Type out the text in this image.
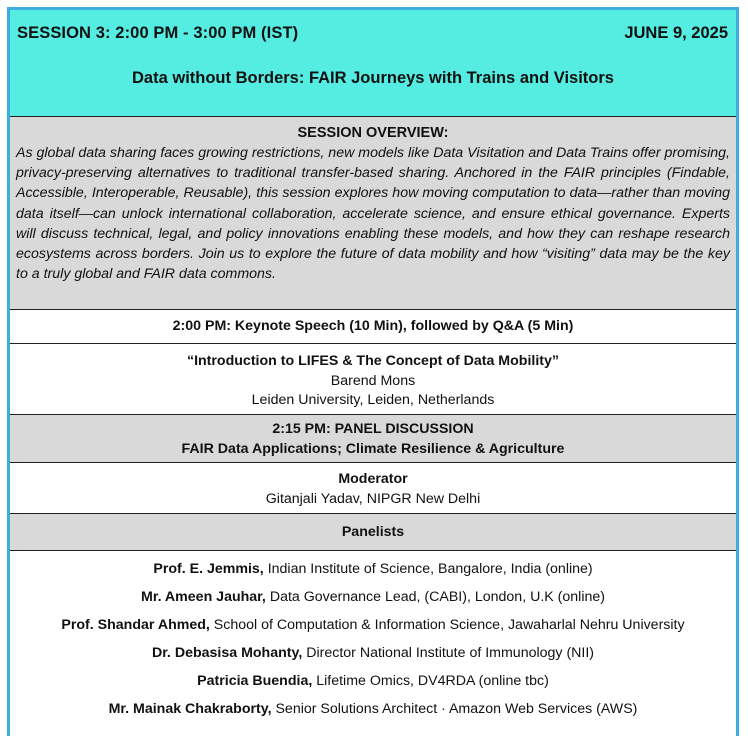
SESSION 3: 2:00 PM - 3:00 PM (IST)	JUNE 9, 2025
Data without Borders: FAIR Journeys with Trains and Visitors
SESSION OVERVIEW:
As global data sharing faces growing restrictions, new models like Data Visitation and Data Trains offer promising, privacy-preserving alternatives to traditional transfer-based sharing. Anchored in the FAIR principles (Findable, Accessible, Interoperable, Reusable), this session explores how moving computation to data—rather than moving data itself—can unlock international collaboration, accelerate science, and ensure ethical governance. Experts will discuss technical, legal, and policy innovations enabling these models, and how they can reshape research ecosystems across borders. Join us to explore the future of data mobility and how “visiting” data may be the key to a truly global and FAIR data commons.
2:00 PM: Keynote Speech (10 Min), followed by Q&A (5 Min)
“Introduction to LIFES & The Concept of Data Mobility”
Barend Mons
Leiden University, Leiden, Netherlands
2:15 PM: PANEL DISCUSSION
FAIR Data Applications; Climate Resilience & Agriculture
Moderator
Gitanjali Yadav, NIPGR New Delhi
Panelists
Prof. E. Jemmis, Indian Institute of Science, Bangalore, India (online)
Mr. Ameen Jauhar, Data Governance Lead, (CABI), London, U.K (online)
Prof. Shandar Ahmed, School of Computation & Information Science, Jawaharlal Nehru University
Dr. Debasisa Mohanty, Director National Institute of Immunology (NII)
Patricia Buendia, Lifetime Omics, DV4RDA (online tbc)
Mr. Mainak Chakraborty, Senior Solutions Architect · Amazon Web Services (AWS)
